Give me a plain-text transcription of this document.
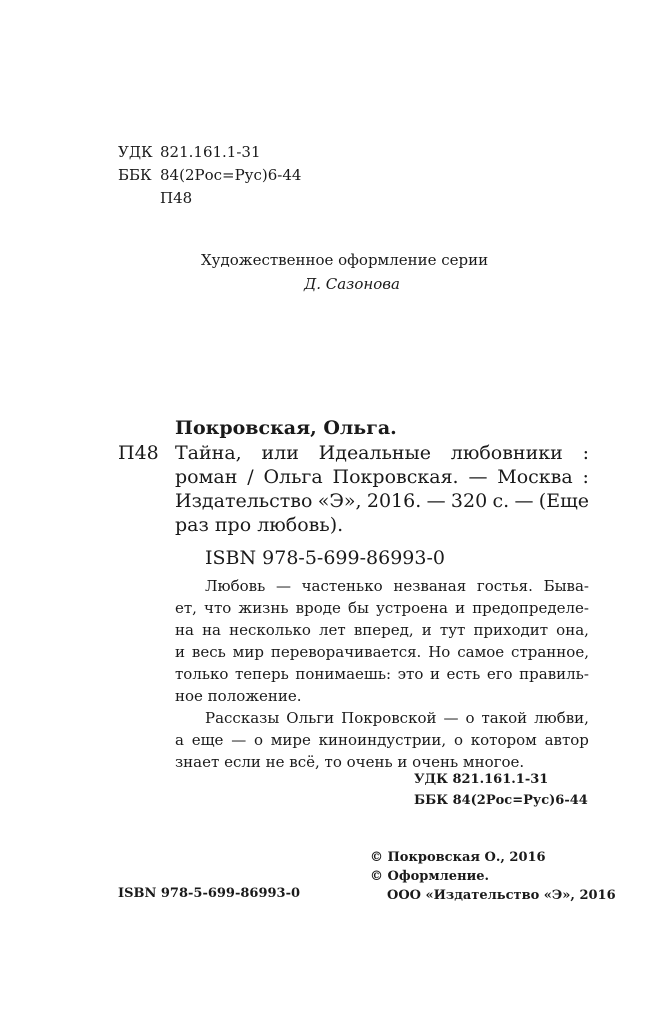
УДК 821.161.1-31
ББК 84(2Рос=Рус)6-44
П48
Художественное оформление серии
Д. Сазонова
Покровская, Ольга.
П48 Тайна, или Идеальные любовники :
роман / Ольга Покровская. — Москва :
Издательство «Э», 2016. — 320 с. — (Еще
раз про любовь).
ISBN 978-5-699-86993-0
Любовь — частенько незваная гостья. Быва-
ет, что жизнь вроде бы устроена и предопределе-
на на несколько лет вперед, и тут приходит она,
и весь мир переворачивается. Но самое странное,
только теперь понимаешь: это и есть его правиль-
ное положение.
Рассказы Ольги Покровской — о такой любви,
а еще — о мире киноиндустрии, о котором автор
знает если не всё, то очень и очень многое.
УДК 821.161.1-31
ББК 84(2Рос=Рус)6-44
© Покровская О., 2016
© Оформление.
ISBN 978-5-699-86993-0	ООО «Издательство «Э», 2016
